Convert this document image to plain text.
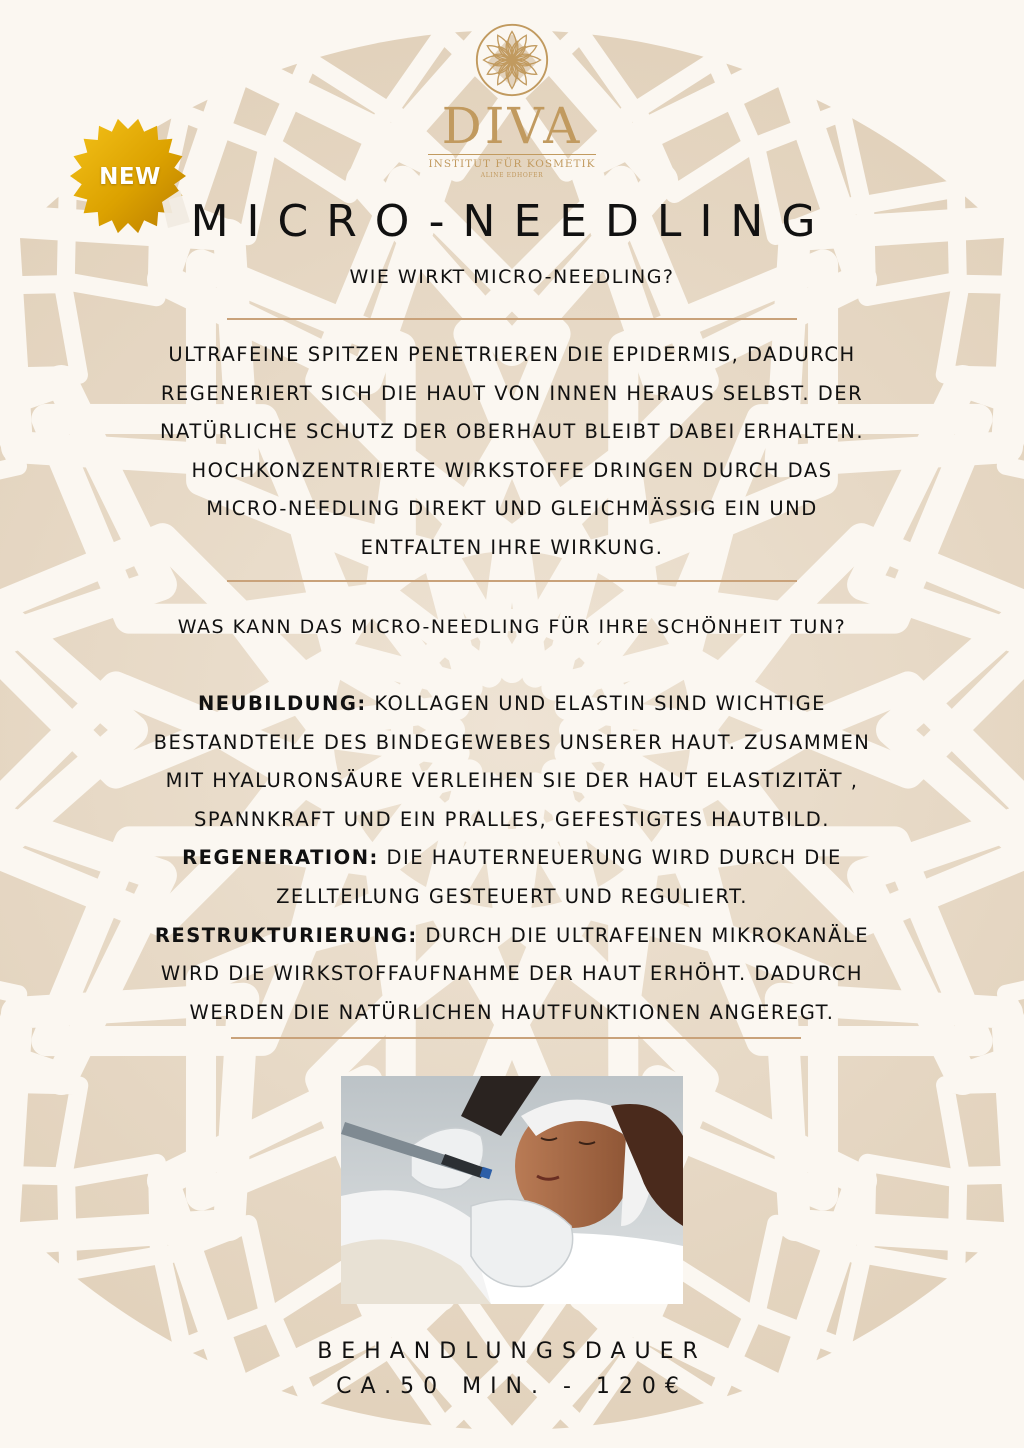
DIVA
INSTITUT FÜR KOSMETIK
ALINE EDHOFER
NEW
MICRO-NEEDLING
WIE WIRKT MICRO-NEEDLING?
ULTRAFEINE SPITZEN PENETRIEREN DIE EPIDERMIS, DADURCH
REGENERIERT SICH DIE HAUT VON INNEN HERAUS SELBST. DER
NATÜRLICHE SCHUTZ DER OBERHAUT BLEIBT DABEI ERHALTEN.
HOCHKONZENTRIERTE WIRKSTOFFE DRINGEN DURCH DAS
MICRO-NEEDLING DIREKT UND GLEICHMÄSSIG EIN UND
ENTFALTEN IHRE WIRKUNG.
WAS KANN DAS MICRO-NEEDLING FÜR IHRE SCHÖNHEIT TUN?
NEUBILDUNG: KOLLAGEN UND ELASTIN SIND WICHTIGE
BESTANDTEILE DES BINDEGEWEBES UNSERER HAUT. ZUSAMMEN
MIT HYALURONSÄURE VERLEIHEN SIE DER HAUT ELASTIZITÄT ,
SPANNKRAFT UND EIN PRALLES, GEFESTIGTES HAUTBILD.
REGENERATION: DIE HAUTERNEUERUNG WIRD DURCH DIE
ZELLTEILUNG GESTEUERT UND REGULIERT.
RESTRUKTURIERUNG: DURCH DIE ULTRAFEINEN MIKROKANÄLE
WIRD DIE WIRKSTOFFAUFNAHME DER HAUT ERHÖHT. DADURCH
WERDEN DIE NATÜRLICHEN HAUTFUNKTIONEN ANGEREGT.
BEHANDLUNGSDAUER
CA.50 MIN. - 120€
